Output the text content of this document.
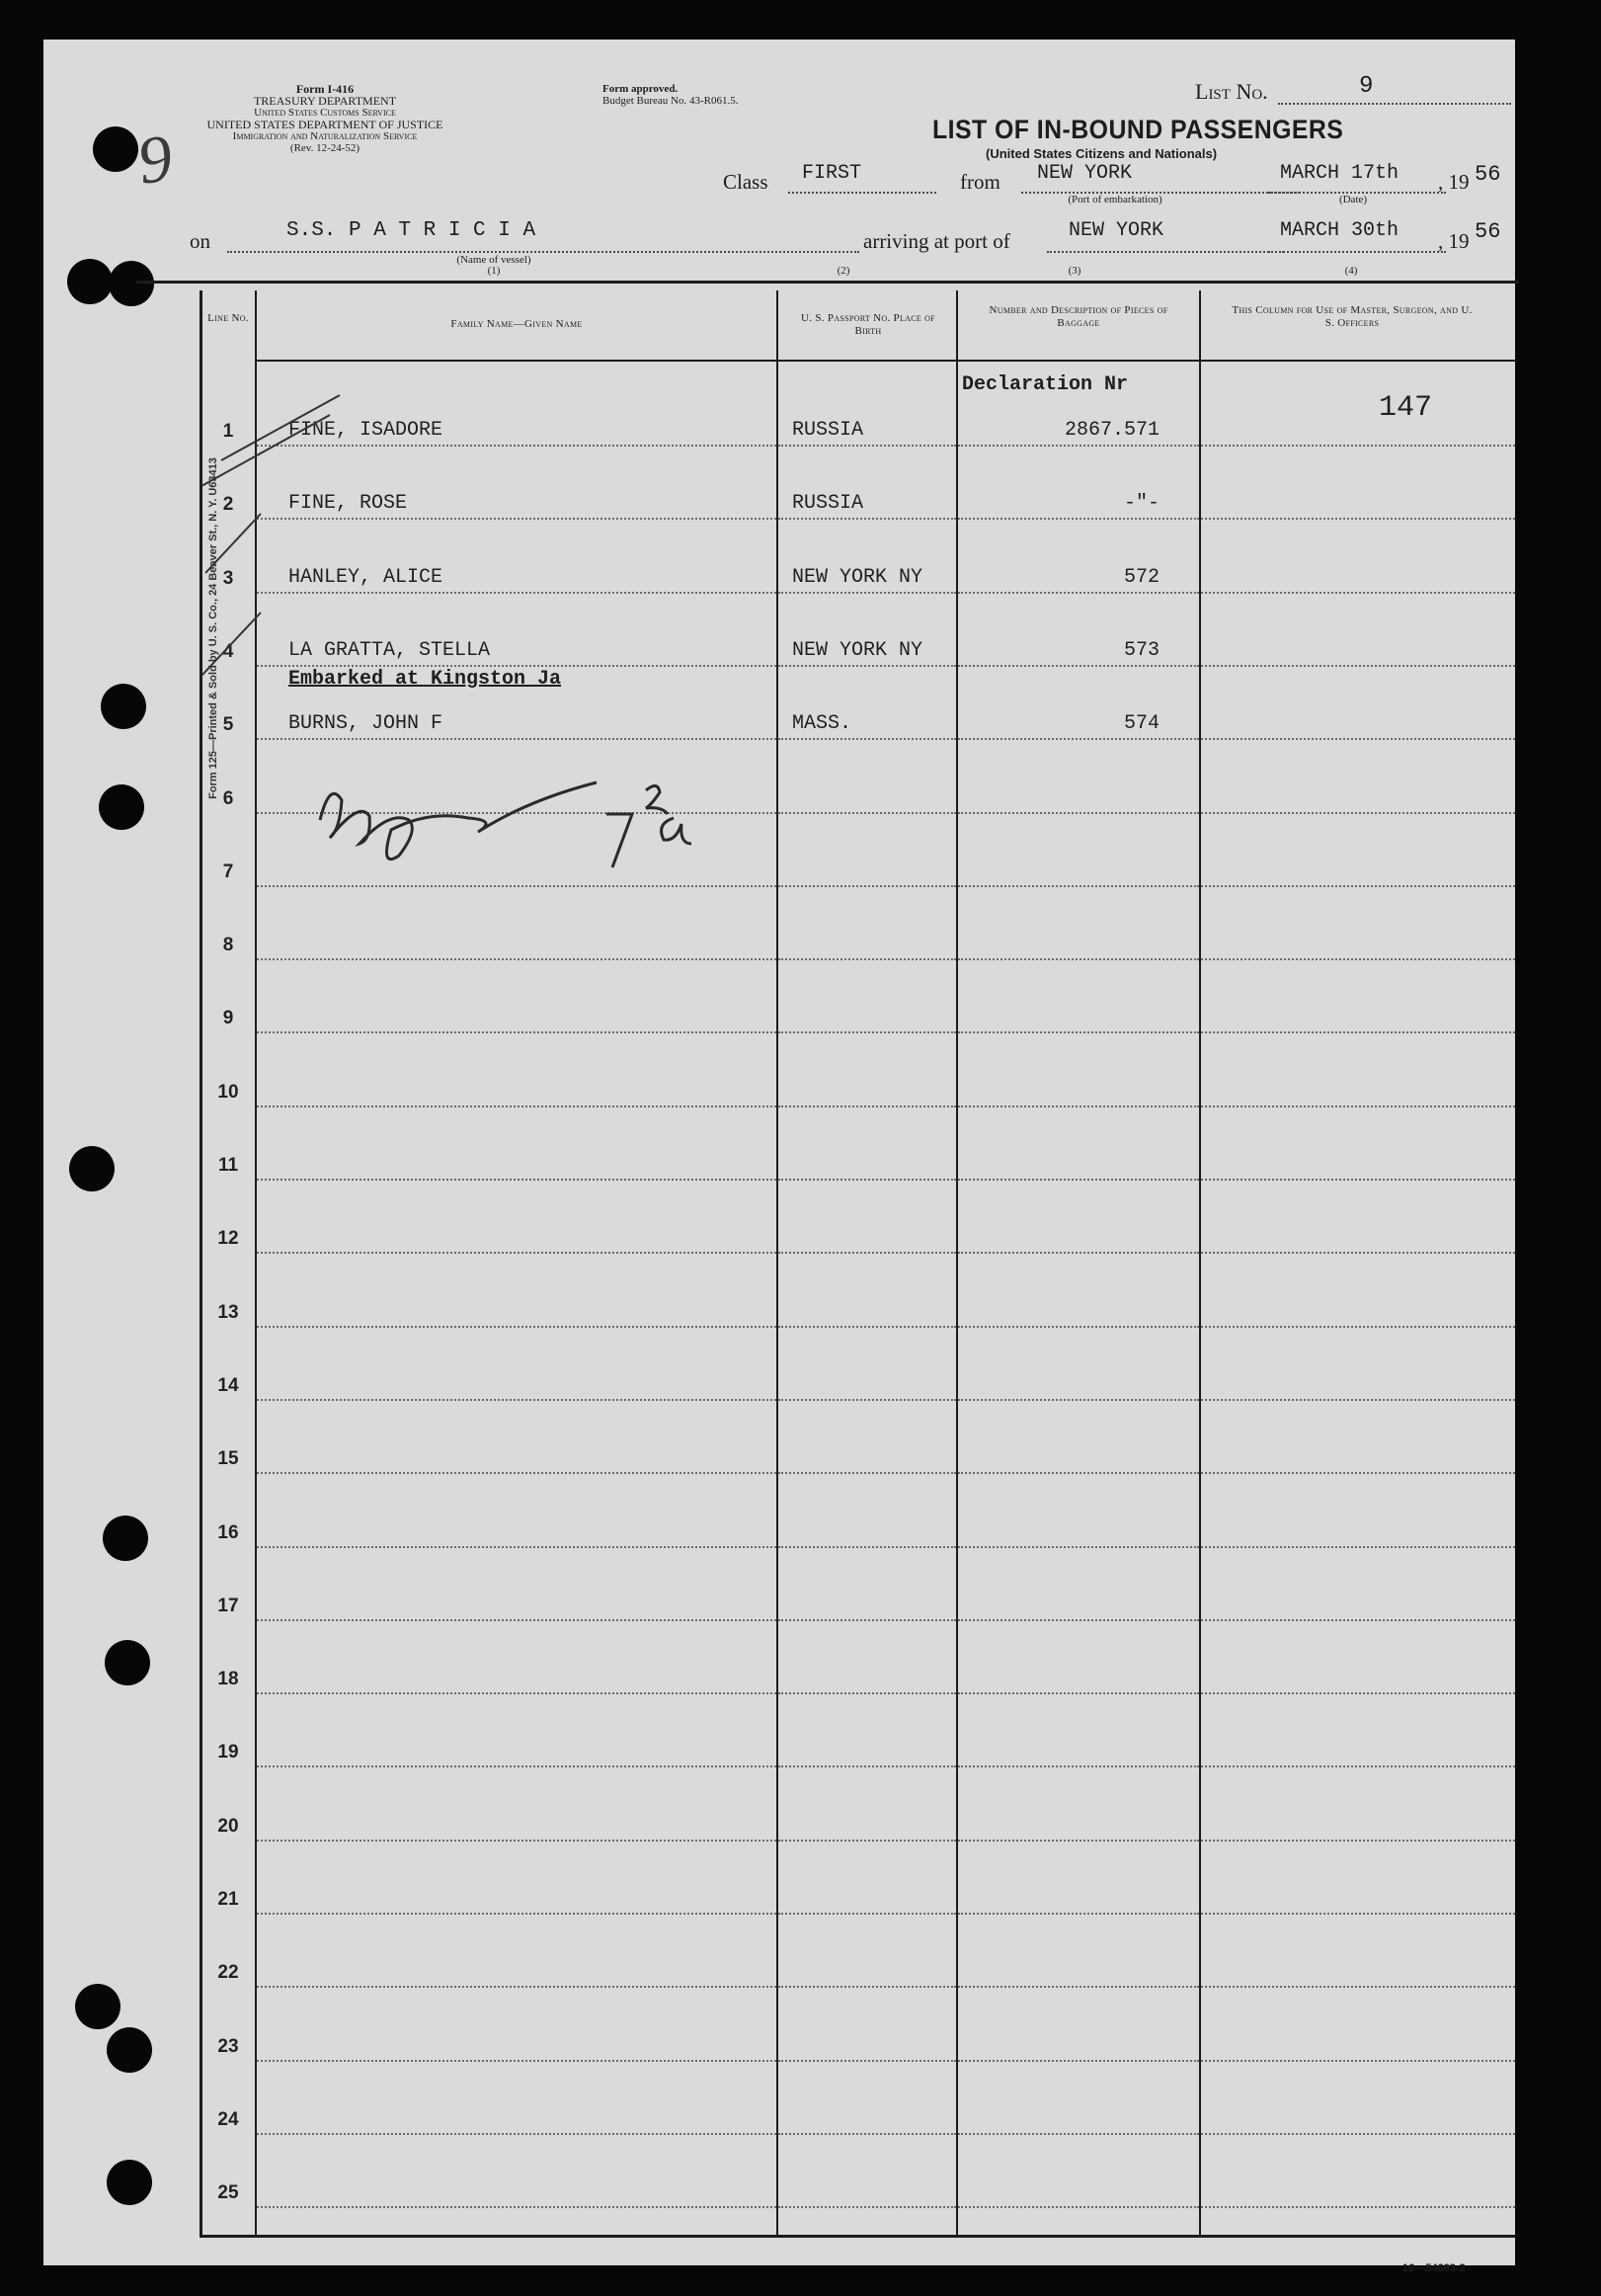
9
Form 125—Printed & Sold by U. S. Co., 24 Beaver St., N. Y. U63413
Form I-416
TREASURY DEPARTMENT
United States Customs Service
UNITED STATES DEPARTMENT OF JUSTICE
Immigration and Naturalization Service
(Rev. 12-24-52)
Form approved.
Budget Bureau No. 43-R061.5.	List No.	9
LIST OF IN-BOUND PASSENGERS
(United States Citizens and Nationals)
Class FIRST	from NEW YORK
(Port of embarkation)
MARCH 17th , 19 56
(Date)
on	S.S. P A T R I C I A
(Name of vessel)
(1)
arriving at port of	NEW YORK	MARCH 30th , 19 56
(2)	(3)	(4)
Line No.	Family Name—Given Name	U. S. Passport No. Place of Birth
Number and Description of Pieces of Baggage
This Column for Use of Master, Surgeon, and U. S. Officers
Declaration Nr
147
1	FINE, ISADORE	RUSSIA	2867.571
2	FINE, ROSE	RUSSIA	-"-
3	HANLEY, ALICE	NEW YORK NY	572
4	LA GRATTA, STELLA	NEW YORK NY	573
5	BURNS, JOHN F	MASS.	574
6
7
8
9
10
11
12
13
14
15
16
17
18
19
20
21
22
23
24
25
Embarked at Kingston Ja
16—54683-2
